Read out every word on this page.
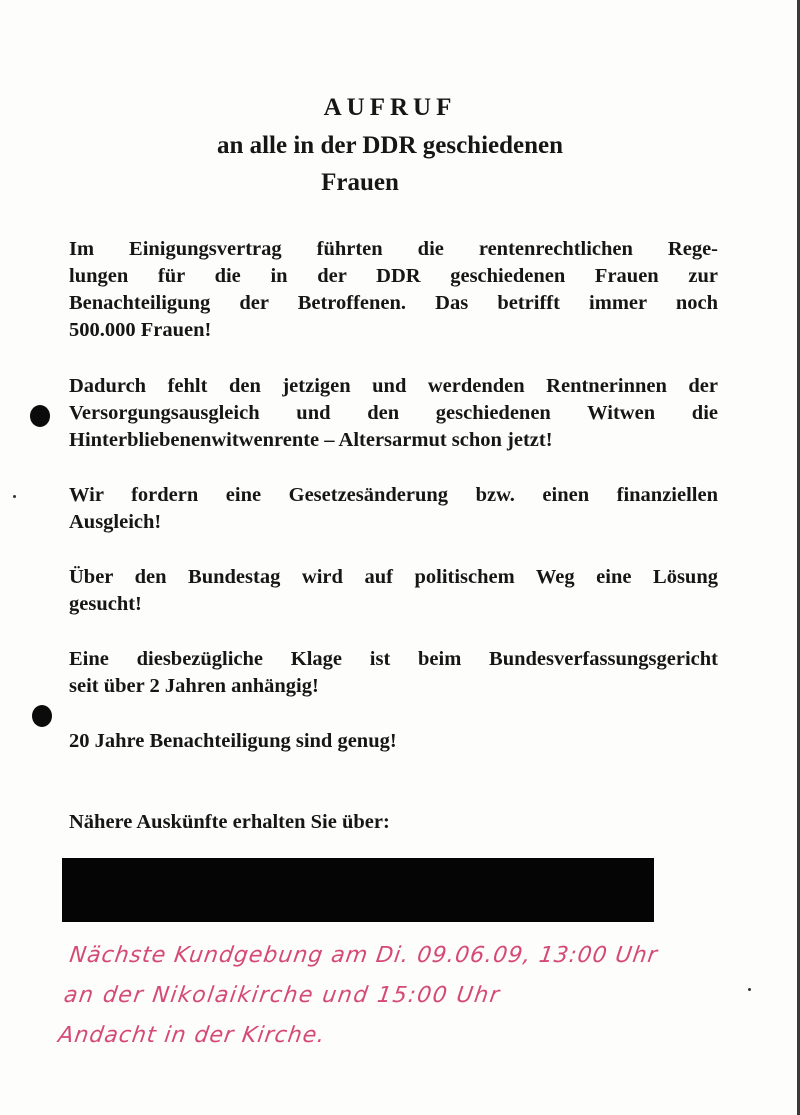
AUFRUF
an alle in der DDR geschiedenen
Frauen
Im Einigungsvertrag führten die rentenrechtlichen Rege-
lungen für die in der DDR geschiedenen Frauen zur
Benachteiligung der Betroffenen. Das betrifft immer noch
500.000 Frauen!
Dadurch fehlt den jetzigen und werdenden Rentnerinnen der
Versorgungsausgleich und den geschiedenen Witwen die
Hinterbliebenenwitwenrente – Altersarmut schon jetzt!
Wir fordern eine Gesetzesänderung bzw. einen finanziellen
Ausgleich!
Über den Bundestag wird auf politischem Weg eine Lösung
gesucht!
Eine diesbezügliche Klage ist beim Bundesverfassungsgericht
seit über 2 Jahren anhängig!
20 Jahre Benachteiligung sind genug!
Nähere Auskünfte erhalten Sie über:
Nächste Kundgebung am Di. 09.06.09, 13:00 Uhr
an der Nikolaikirche und 15:00 Uhr
Andacht in der Kirche.
